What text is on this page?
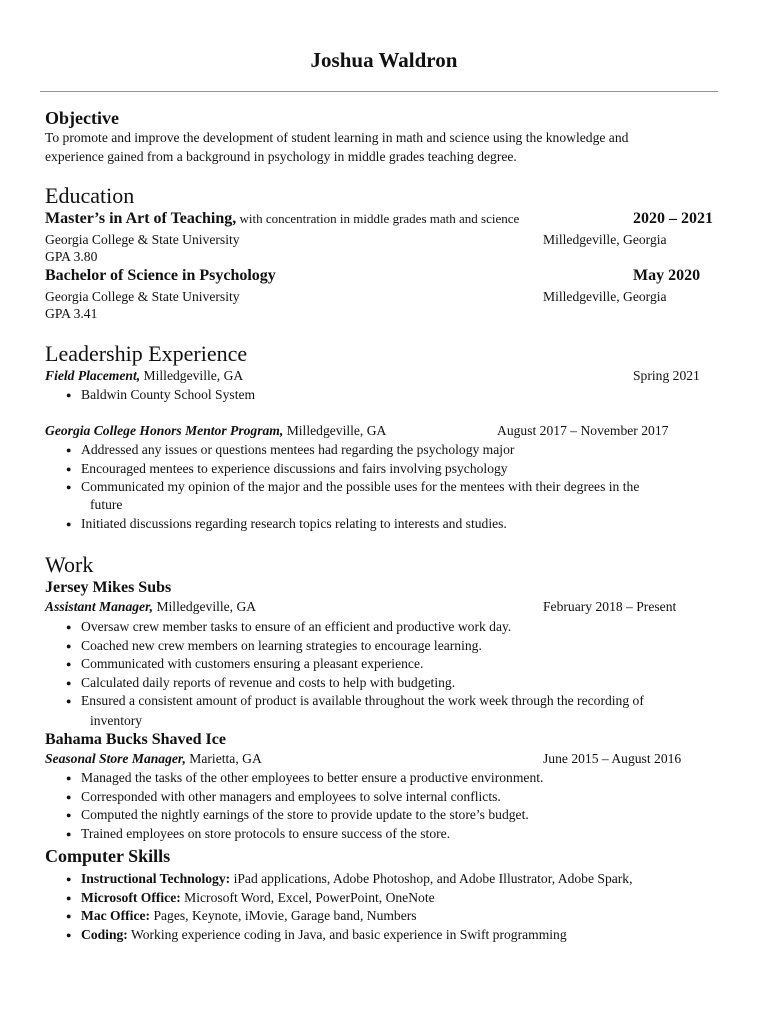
Joshua Waldron
Objective
To promote and improve the development of student learning in math and science using the knowledge and
experience gained from a background in psychology in middle grades teaching degree.
Education
Master’s in Art of Teaching, with concentration in middle grades math and science	2020 – 2021
Georgia College & State University	Milledgeville, Georgia
GPA 3.80
Bachelor of Science in Psychology	May 2020
Georgia College & State University	Milledgeville, Georgia
GPA 3.41
Leadership Experience
Field Placement, Milledgeville, GA	Spring 2021
● Baldwin County School System
Georgia College Honors Mentor Program, Milledgeville, GA	August 2017 – November 2017
● Addressed any issues or questions mentees had regarding the psychology major
● Encouraged mentees to experience discussions and fairs involving psychology
● Communicated my opinion of the major and the possible uses for the mentees with their degrees in the
future
● Initiated discussions regarding research topics relating to interests and studies.
Work
Jersey Mikes Subs
Assistant Manager, Milledgeville, GA	February 2018 – Present
● Oversaw crew member tasks to ensure of an efficient and productive work day.
● Coached new crew members on learning strategies to encourage learning.
● Communicated with customers ensuring a pleasant experience.
● Calculated daily reports of revenue and costs to help with budgeting.
● Ensured a consistent amount of product is available throughout the work week through the recording of
inventory
Bahama Bucks Shaved Ice
Seasonal Store Manager, Marietta, GA	June 2015 – August 2016
● Managed the tasks of the other employees to better ensure a productive environment.
● Corresponded with other managers and employees to solve internal conflicts.
● Computed the nightly earnings of the store to provide update to the store’s budget.
● Trained employees on store protocols to ensure success of the store.
Computer Skills
● Instructional Technology: iPad applications, Adobe Photoshop, and Adobe Illustrator, Adobe Spark,
● Microsoft Office: Microsoft Word, Excel, PowerPoint, OneNote
● Mac Office: Pages, Keynote, iMovie, Garage band, Numbers
● Coding: Working experience coding in Java, and basic experience in Swift programming
